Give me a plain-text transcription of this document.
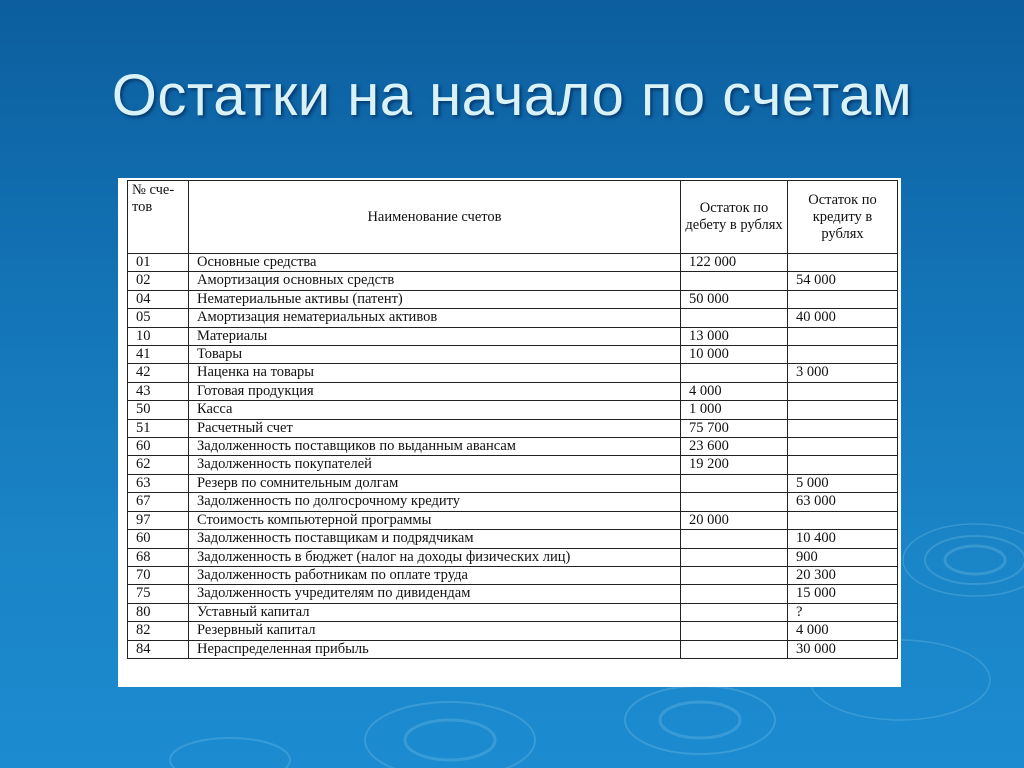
Остатки на начало по счетам
№ сче-тов	Наименование счетов	Остаток по дебету в рублях	Остаток по кредиту в рублях
01	Основные средства	122 000	
02	Амортизация основных средств		54 000
04	Нематериальные активы (патент)	50 000	
05	Амортизация нематериальных активов		40 000
10	Материалы	13 000	
41	Товары	10 000	
42	Наценка на товары		3 000
43	Готовая продукция	4 000	
50	Касса	1 000	
51	Расчетный счет	75 700	
60	Задолженность поставщиков по выданным авансам	23 600	
62	Задолженность покупателей	19 200	
63	Резерв по сомнительным долгам		5 000
67	Задолженность по долгосрочному кредиту		63 000
97	Стоимость компьютерной программы	20 000	
60	Задолженность поставщикам и подрядчикам		10 400
68	Задолженность в бюджет (налог на доходы физических лиц)		900
70	Задолженность работникам по оплате труда		20 300
75	Задолженность учредителям по дивидендам		15 000
80	Уставный капитал		?
82	Резервный капитал		4 000
84	Нераспределенная прибыль		30 000
